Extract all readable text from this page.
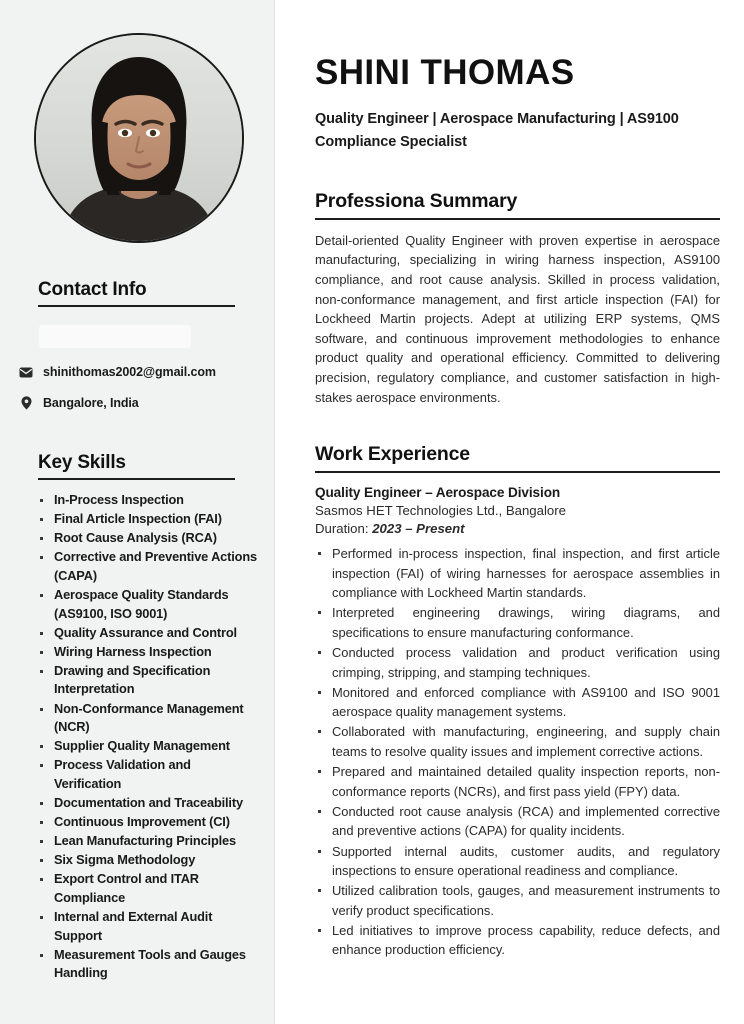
Contact Info
shinithomas2002@gmail.com
Bangalore, India
Key Skills
In-Process Inspection
Final Article Inspection (FAI)
Root Cause Analysis (RCA)
Corrective and Preventive Actions (CAPA)
Aerospace Quality Standards (AS9100, ISO 9001)
Quality Assurance and Control
Wiring Harness Inspection
Drawing and Specification Interpretation
Non-Conformance Management (NCR)
Supplier Quality Management
Process Validation and Verification
Documentation and Traceability
Continuous Improvement (CI)
Lean Manufacturing Principles
Six Sigma Methodology
Export Control and ITAR Compliance
Internal and External Audit Support
Measurement Tools and Gauges Handling
SHINI THOMAS

Quality Engineer | Aerospace Manufacturing | AS9100 Compliance Specialist

Professiona Summary

Detail-oriented Quality Engineer with proven expertise in aerospace manufacturing, specializing in wiring harness inspection, AS9100 compliance, and root cause analysis. Skilled in process validation, non-conformance management, and first article inspection (FAI) for Lockheed Martin projects. Adept at utilizing ERP systems, QMS software, and continuous improvement methodologies to enhance product quality and operational efficiency. Committed to delivering precision, regulatory compliance, and customer satisfaction in high-stakes aerospace environments.

Work Experience

Quality Engineer – Aerospace Division

Sasmos HET Technologies Ltd., Bangalore

Duration: 2023 – Present

Performed in-process inspection, final inspection, and first article inspection (FAI) of wiring harnesses for aerospace assemblies in compliance with Lockheed Martin standards.
Interpreted engineering drawings, wiring diagrams, and specifications to ensure manufacturing conformance.
Conducted process validation and product verification using crimping, stripping, and stamping techniques.
Monitored and enforced compliance with AS9100 and ISO 9001 aerospace quality management systems.
Collaborated with manufacturing, engineering, and supply chain teams to resolve quality issues and implement corrective actions.
Prepared and maintained detailed quality inspection reports, non-conformance reports (NCRs), and first pass yield (FPY) data.
Conducted root cause analysis (RCA) and implemented corrective and preventive actions (CAPA) for quality incidents.
Supported internal audits, customer audits, and regulatory inspections to ensure operational readiness and compliance.
Utilized calibration tools, gauges, and measurement instruments to verify product specifications.
Led initiatives to improve process capability, reduce defects, and enhance production efficiency.
